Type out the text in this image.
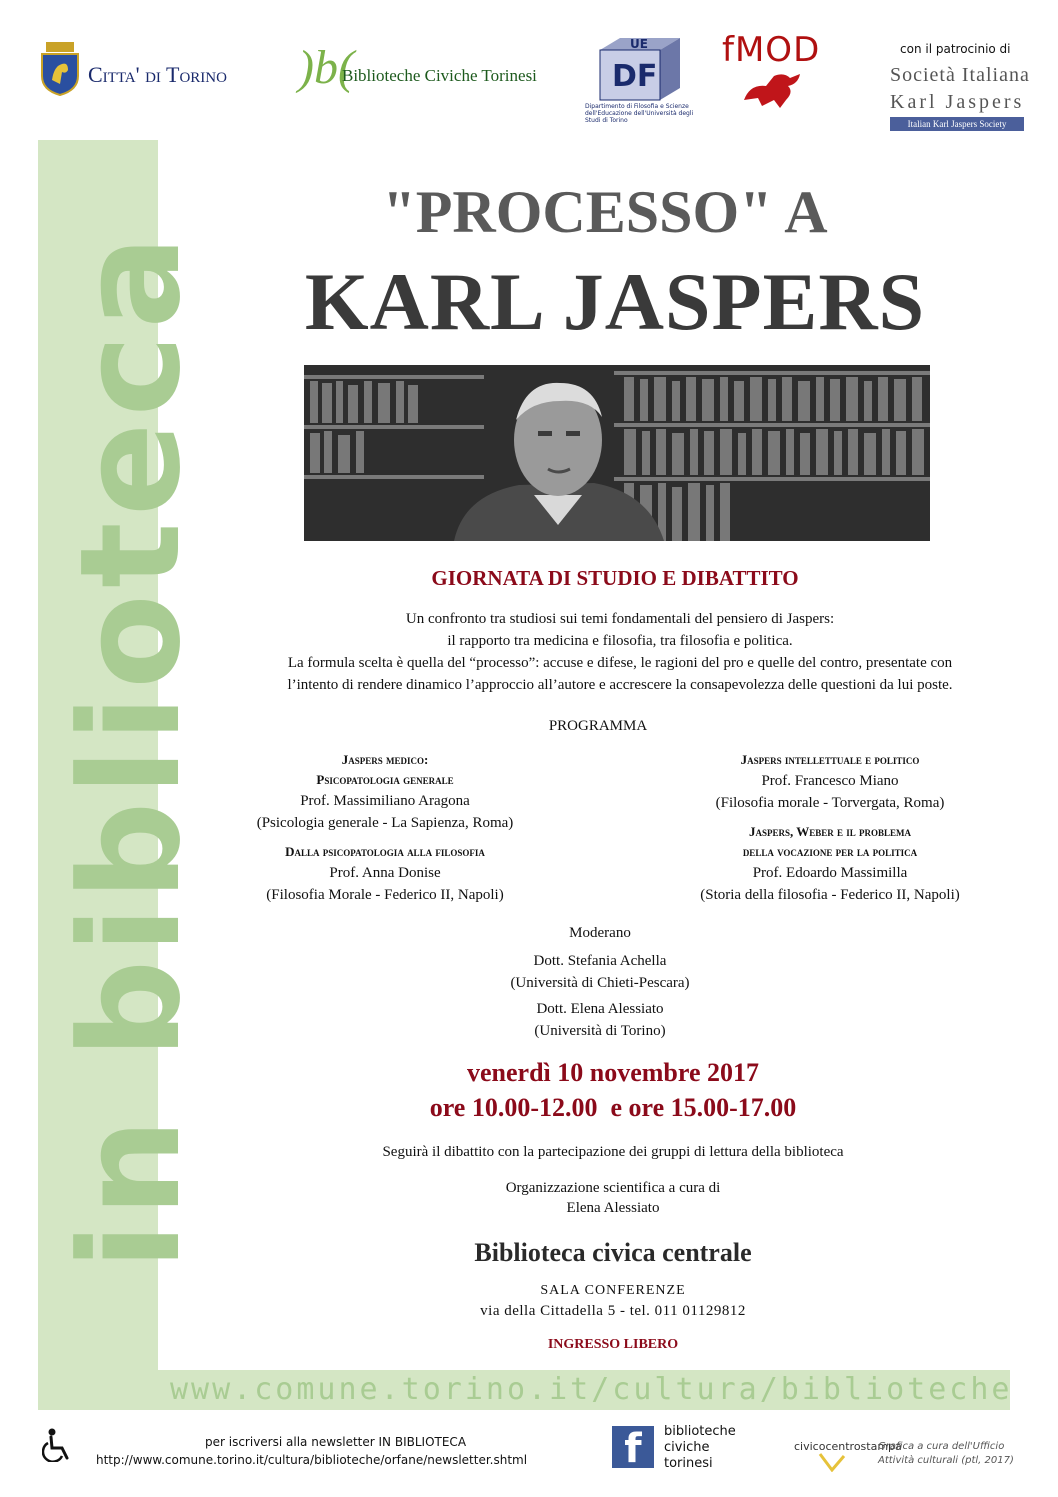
in biblioteca
www.comune.torino.it/cultura/biblioteche
Citta' di Torino )b(
Biblioteche Civiche Torinesi	DF
UE
Dipartimento di Filosofia e Scienze dell'Educazione dell'Università degli Studi di Torino
fMOD	con il patrocinio di
Società Italiana
Karl Jaspers
Italian Karl Jaspers Society
"PROCESSO" A
KARL JASPERS
GIORNATA DI STUDIO E DIBATTITO

Un confronto tra studiosi sui temi fondamentali del pensiero di Jaspers:

il rapporto tra medicina e filosofia, tra filosofia e politica.

La formula scelta è quella del “processo”: accuse e difese, le ragioni del pro e quelle del contro, presentate con

l’intento di rendere dinamico l’approccio all’autore e accrescere la consapevolezza delle questioni da lui poste.

PROGRAMMA
Jaspers medico:
Psicopatologia generale
Prof. Massimiliano Aragona
(Psicologia generale - La Sapienza, Roma)
Dalla psicopatologia alla filosofia
Prof. Anna Donise
(Filosofia Morale - Federico II, Napoli)
Jaspers intellettuale e politico
Prof. Francesco Miano
(Filosofia morale - Torvergata, Roma)
Jaspers, Weber e il problema
della vocazione per la politica
Prof. Edoardo Massimilla
(Storia della filosofia - Federico II, Napoli)
Moderano
Dott. Stefania Achella
(Università di Chieti-Pescara)
Dott. Elena Alessiato
(Università di Torino)
venerdì 10 novembre 2017
ore 10.00-12.00  e ore 15.00-17.00
Seguirà il dibattito con la partecipazione dei gruppi di lettura della biblioteca
Organizzazione scientifica a cura di
Elena Alessiato
Biblioteca civica centrale
SALA CONFERENZE
via della Cittadella 5 - tel. 011 01129812
INGRESSO LIBERO
per iscriversi alla newsletter IN BIBLIOTECA
http://www.comune.torino.it/cultura/biblioteche/orfane/newsletter.shtml	f	biblioteche
civiche
torinesi
civicocentrostampa
Grafica a cura dell'Ufficio
Attività culturali (ptl, 2017)
